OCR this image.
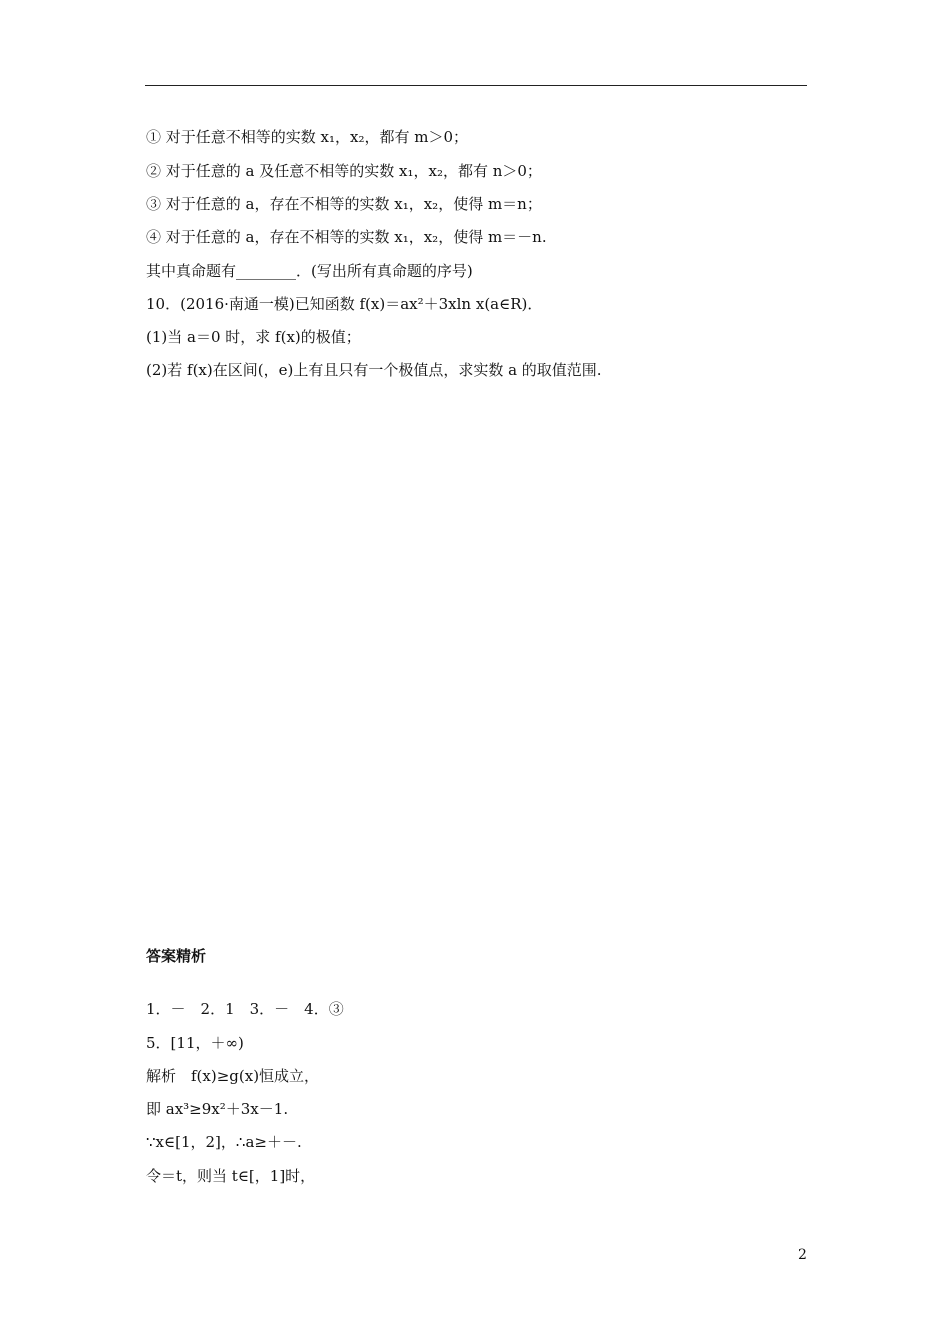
① 对于任意不相等的实数 x₁，x₂，都有 m＞0；
② 对于任意的 a 及任意不相等的实数 x₁，x₂，都有 n＞0；
③ 对于任意的 a，存在不相等的实数 x₁，x₂，使得 m＝n；
④ 对于任意的 a，存在不相等的实数 x₁，x₂，使得 m＝－n.
其中真命题有________．(写出所有真命题的序号)
10．(2016·南通一模)已知函数 f(x)＝ax²＋3xln x(a∈R)．
(1)当 a＝0 时，求 f(x)的极值；
(2)若 f(x)在区间(，e)上有且只有一个极值点，求实数 a 的取值范围.
答案精析
1．－　2．1　3．－　4．③
5．[11，＋∞)
解析　f(x)≥g(x)恒成立，
即 ax³≥9x²＋3x－1.
∵x∈[1，2]，∴a≥＋－.
令＝t，则当 t∈[，1]时，
2
